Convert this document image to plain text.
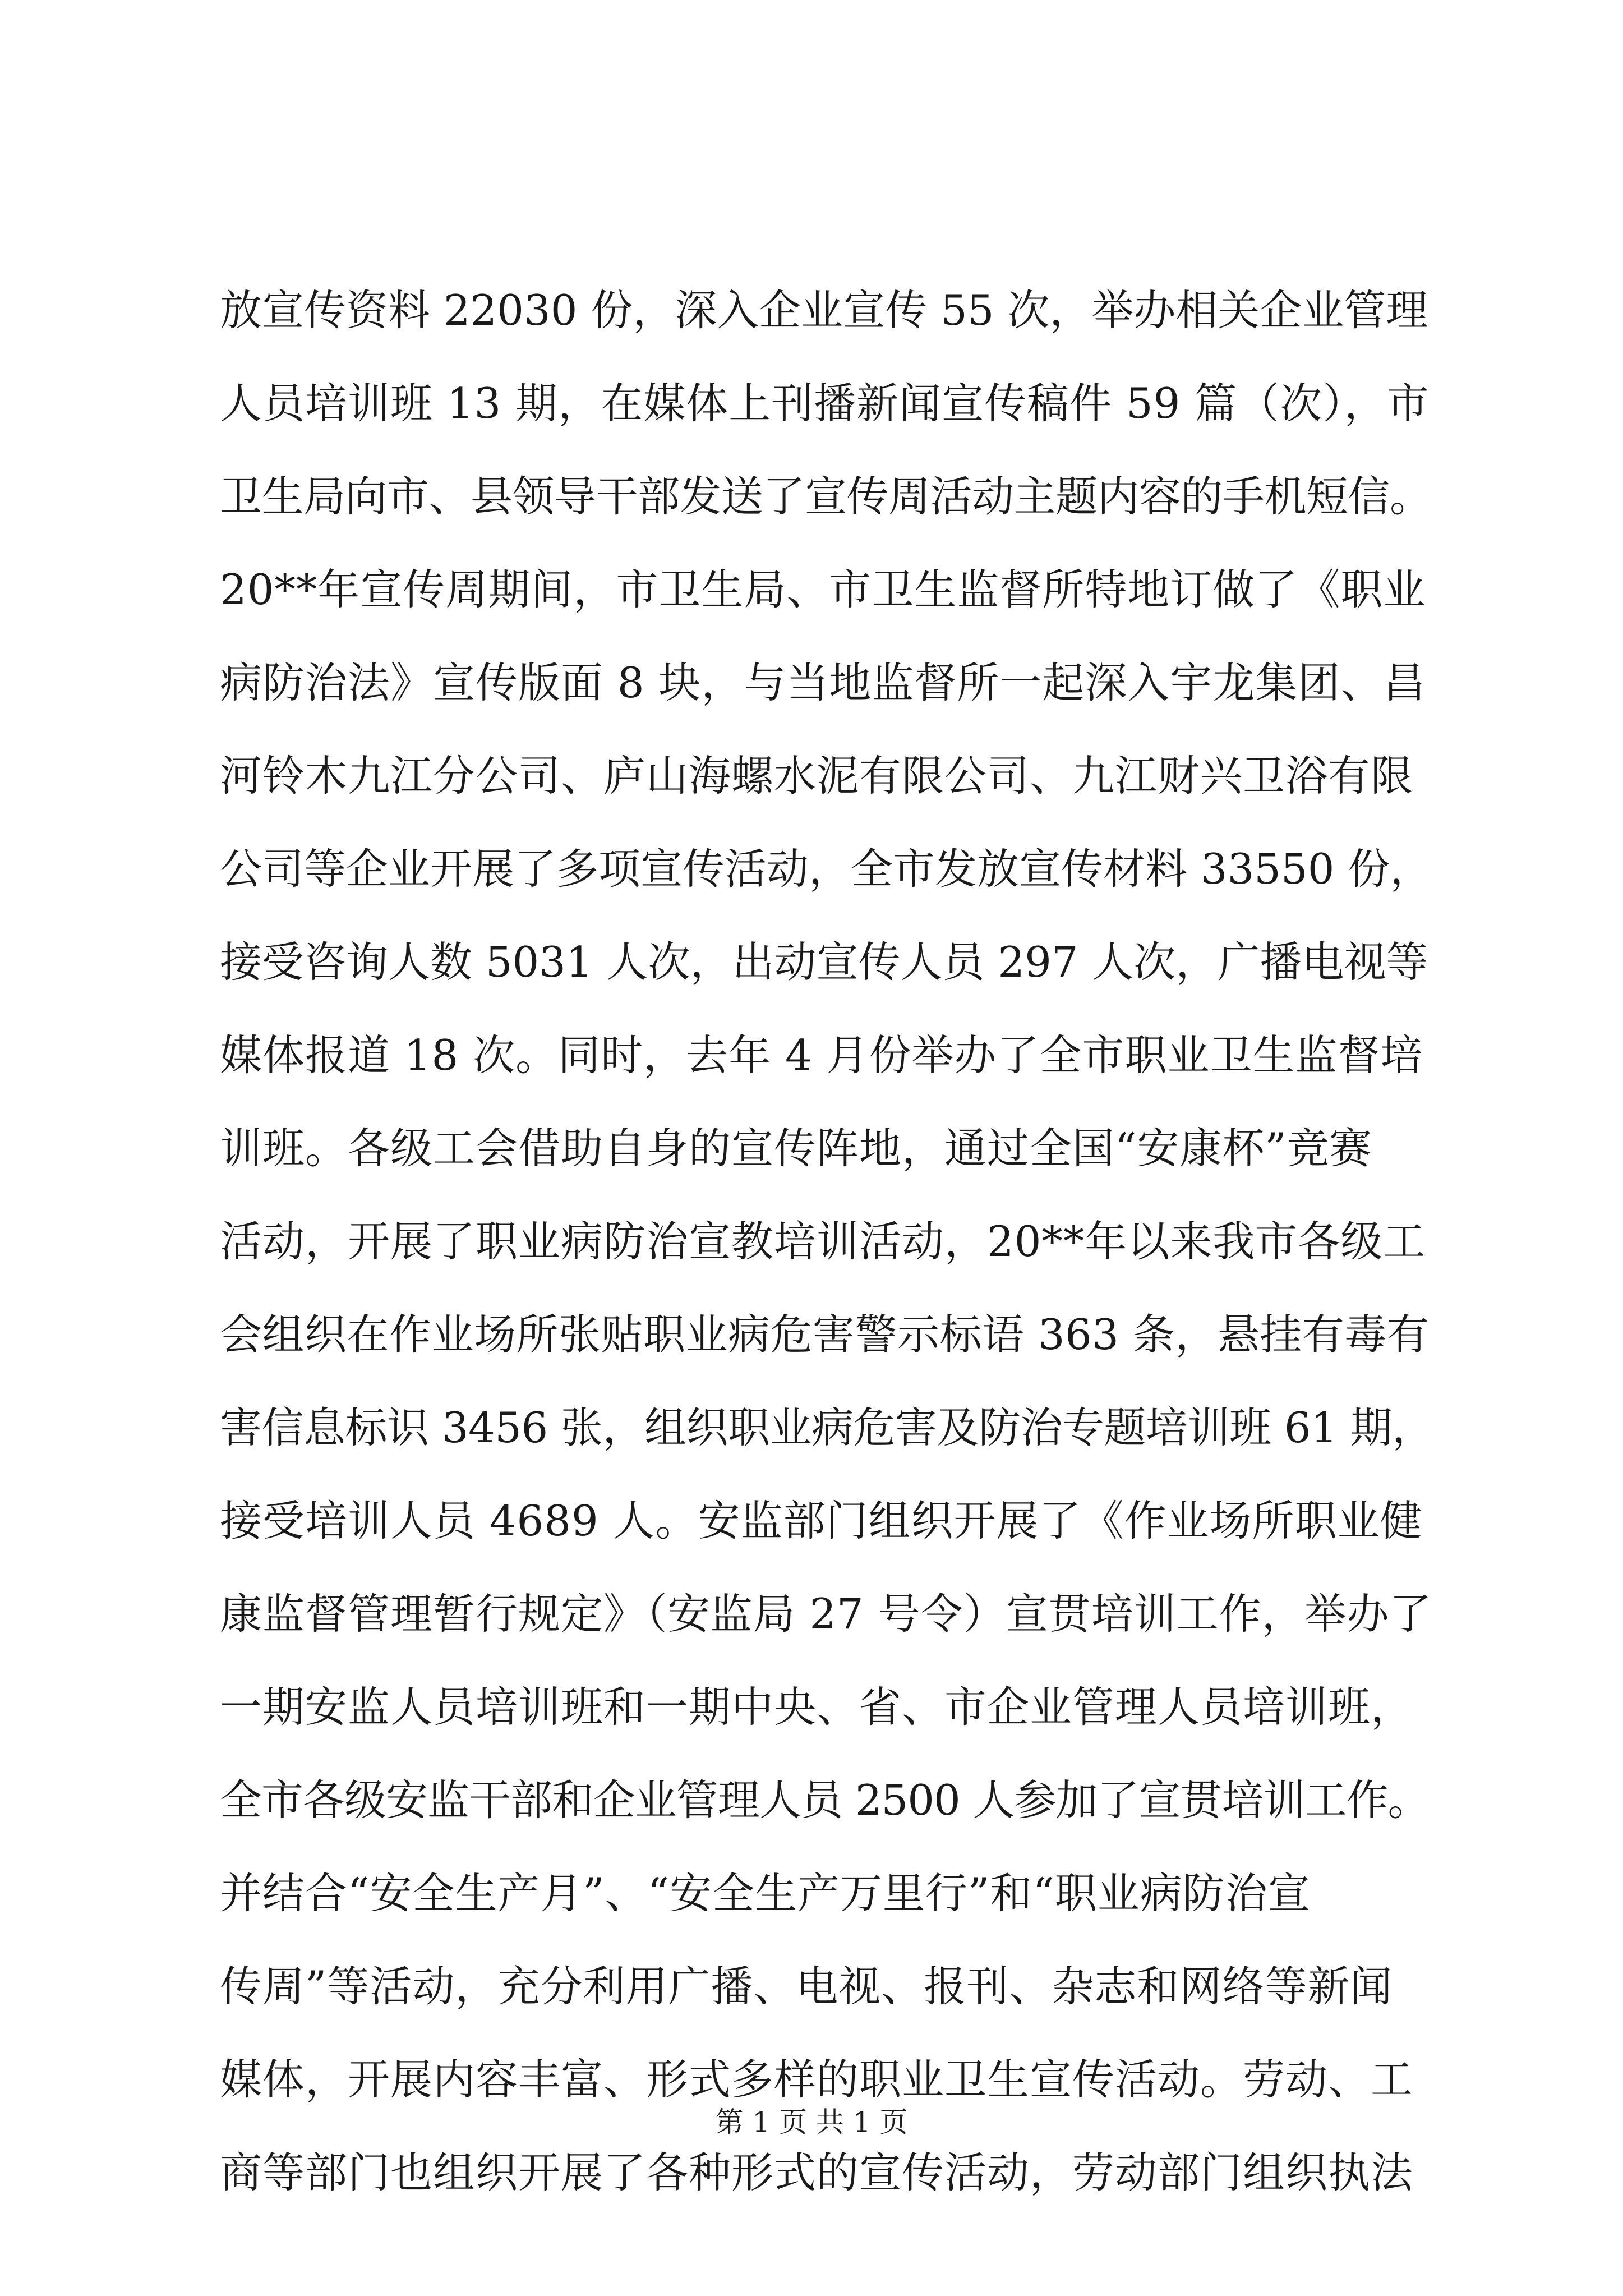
放宣传资料 22030 份，深入企业宣传 55 次，举办相关企业管理
人员培训班 13 期，在媒体上刊播新闻宣传稿件 59 篇（次），市
卫生局向市、县领导干部发送了宣传周活动主题内容的手机短信。
20**年宣传周期间，市卫生局、市卫生监督所特地订做了《职业
病防治法》宣传版面 8 块，与当地监督所一起深入宇龙集团、昌
河铃木九江分公司、庐山海螺水泥有限公司、九江财兴卫浴有限
公司等企业开展了多项宣传活动，全市发放宣传材料 33550 份，
接受咨询人数 5031 人次，出动宣传人员 297 人次，广播电视等
媒体报道 18 次。同时，去年 4 月份举办了全市职业卫生监督培
训班。各级工会借助自身的宣传阵地，通过全国“安康杯”竞赛
活动，开展了职业病防治宣教培训活动，20**年以来我市各级工
会组织在作业场所张贴职业病危害警示标语 363 条，悬挂有毒有
害信息标识 3456 张，组织职业病危害及防治专题培训班 61 期，
接受培训人员 4689 人。安监部门组织开展了《作业场所职业健
康监督管理暂行规定》（安监局 27 号令）宣贯培训工作，举办了
一期安监人员培训班和一期中央、省、市企业管理人员培训班，
全市各级安监干部和企业管理人员 2500 人参加了宣贯培训工作。
并结合“安全生产月”、“安全生产万里行”和“职业病防治宣
传周”等活动，充分利用广播、电视、报刊、杂志和网络等新闻
媒体，开展内容丰富、形式多样的职业卫生宣传活动。劳动、工
商等部门也组织开展了各种形式的宣传活动，劳动部门组织执法
第 1 页 共 1 页
